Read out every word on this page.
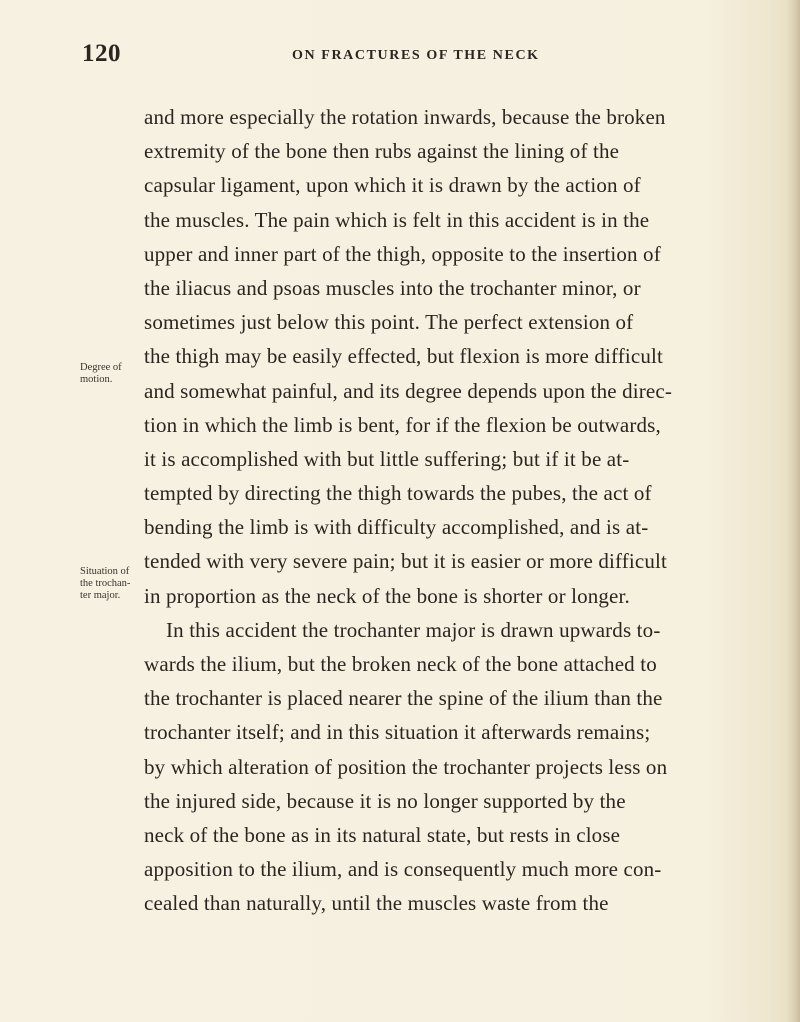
120	ON FRACTURES OF THE NECK
Degree of
motion.
Situation of
the trochan-
ter major.
and more especially the rotation inwards, because the broken
extremity of the bone then rubs against the lining of the
capsular ligament, upon which it is drawn by the action of
the muscles. The pain which is felt in this accident is in the
upper and inner part of the thigh, opposite to the insertion of
the iliacus and psoas muscles into the trochanter minor, or
sometimes just below this point. The perfect extension of
the thigh may be easily effected, but flexion is more difficult
and somewhat painful, and its degree depends upon the direc-
tion in which the limb is bent, for if the flexion be outwards,
it is accomplished with but little suffering; but if it be at-
tempted by directing the thigh towards the pubes, the act of
bending the limb is with difficulty accomplished, and is at-
tended with very severe pain; but it is easier or more difficult
in proportion as the neck of the bone is shorter or longer.
In this accident the trochanter major is drawn upwards to-
wards the ilium, but the broken neck of the bone attached to
the trochanter is placed nearer the spine of the ilium than the
trochanter itself; and in this situation it afterwards remains;
by which alteration of position the trochanter projects less on
the injured side, because it is no longer supported by the
neck of the bone as in its natural state, but rests in close
apposition to the ilium, and is consequently much more con-
cealed than naturally, until the muscles waste from the
